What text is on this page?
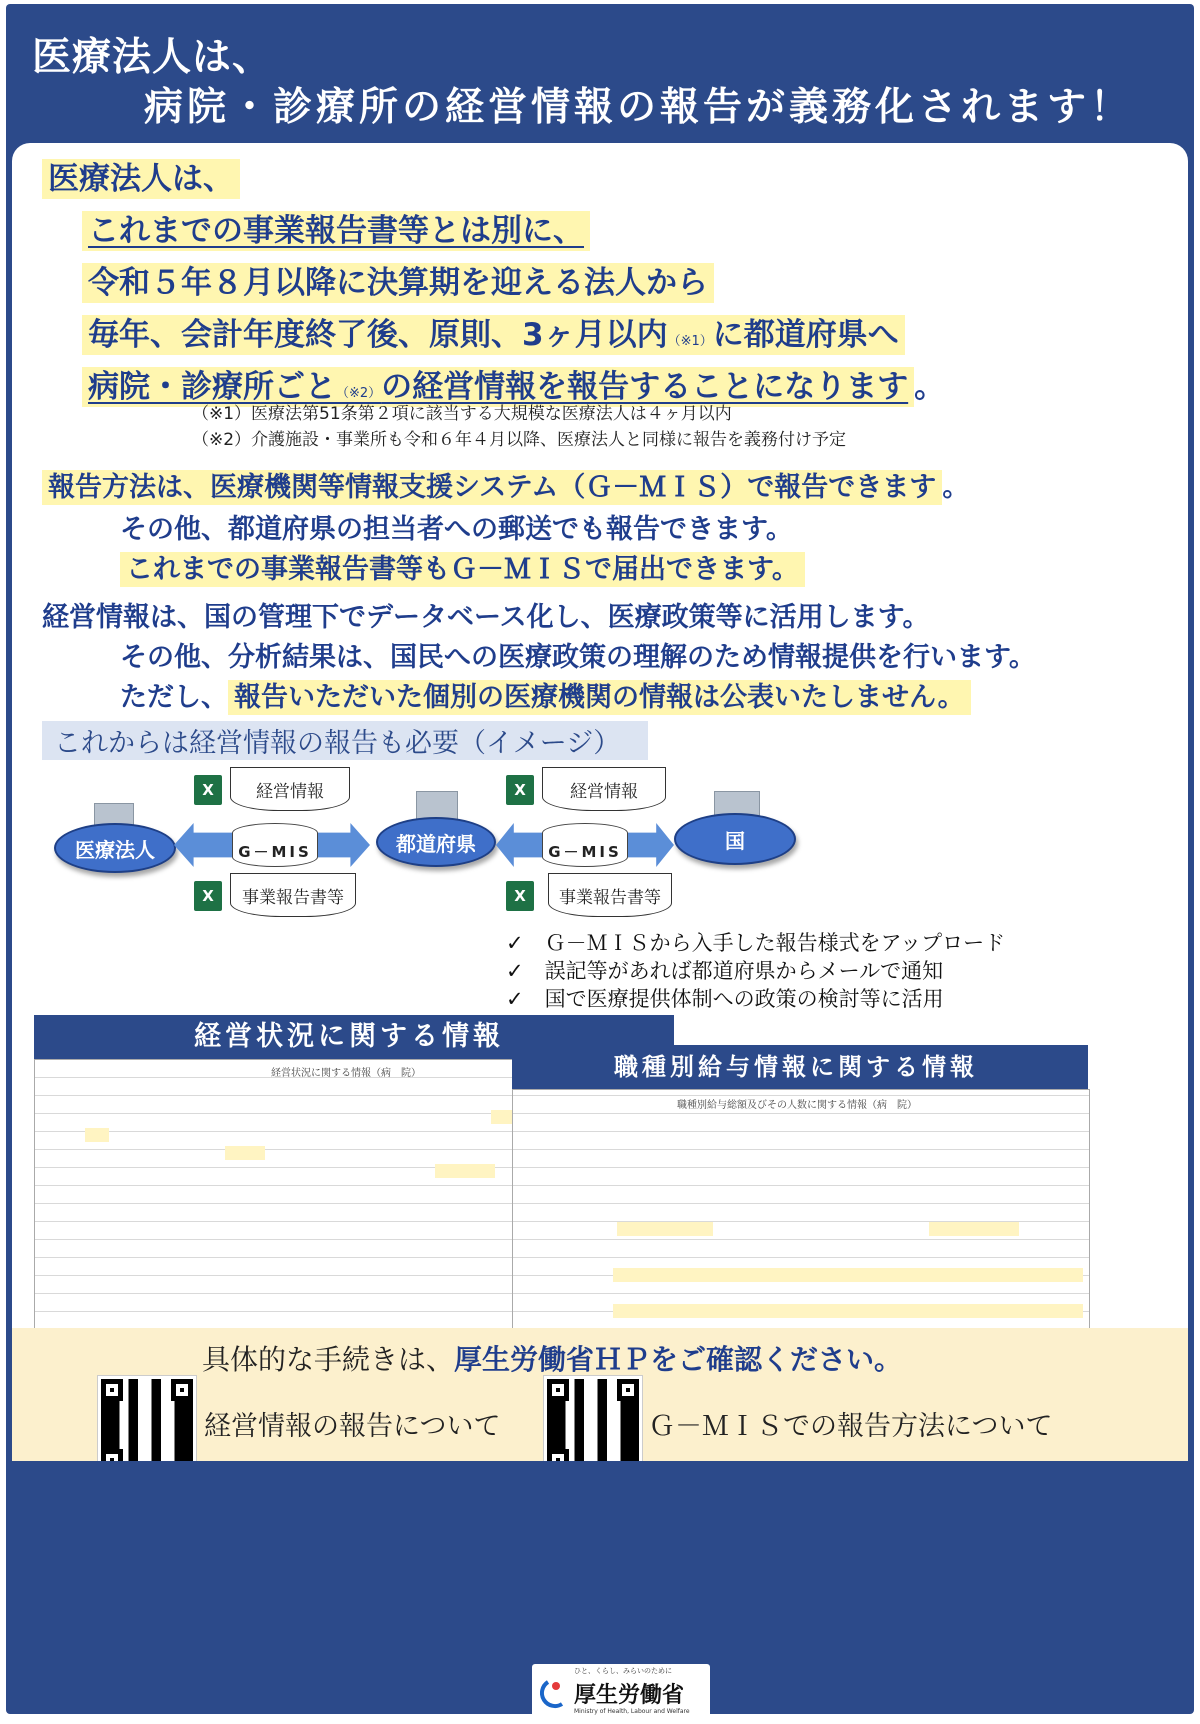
医療法人は、
病院・診療所の経営情報の報告が義務化されます！
医療法人は、
これまでの事業報告書等とは別に、
令和５年８月以降に決算期を迎える法人から
毎年、会計年度終了後、原則、3ヶ月以内（※1）に都道府県へ
病院・診療所ごと（※2）の経営情報を報告することになります 。
（※1）医療法第51条第２項に該当する大規模な医療法人は４ヶ月以内
（※2）介護施設・事業所も令和６年４月以降、医療法人と同様に報告を義務付け予定
報告方法は、医療機関等情報支援システム（Ｇ－ＭＩＳ）で報告できます 。
その他、都道府県の担当者への郵送でも報告できます。
これまでの事業報告書等もＧ－ＭＩＳで届出できます。
経営情報は、国の管理下でデータベース化し、医療政策等に活用します。
その他、分析結果は、国民への医療政策の理解のため情報提供を行います。
ただし、 報告いただいた個別の医療機関の情報は公表いたしません。
これからは経営情報の報告も必要（イメージ）
医療法人	都道府県	国
G－MIS	G－MIS
X	経営情報
X	事業報告書等
X	経営情報
X	事業報告書等
✓　Ｇ－ＭＩＳから入手した報告様式をアップロード
✓　誤記等があれば都道府県からメールで通知
✓　国で医療提供体制への政策の検討等に活用
経営状況に関する情報
経営状況に関する情報（病　院）	職種別給与情報に関する情報
職種別給与総額及びその人数に関する情報（病　院）
具体的な手続きは、厚生労働省ＨＰをご確認ください。
経営情報の報告について	Ｇ－ＭＩＳでの報告方法について
ひと、くらし、みらいのために
厚生労働省
Ministry of Health, Labour and Welfare
